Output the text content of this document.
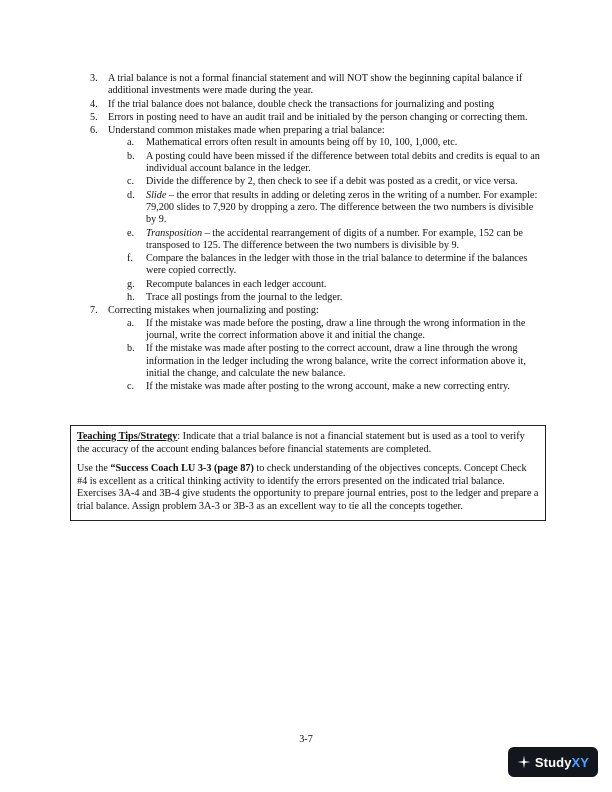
3. A trial balance is not a formal financial statement and will NOT show the beginning capital balance if additional investments were made during the year.
4. If the trial balance does not balance, double check the transactions for journalizing and posting
5. Errors in posting need to have an audit trail and be initialed by the person changing or correcting them.
6. Understand common mistakes made when preparing a trial balance:
a. Mathematical errors often result in amounts being off by 10, 100, 1,000, etc.
b. A posting could have been missed if the difference between total debits and credits is equal to an individual account balance in the ledger.
c. Divide the difference by 2, then check to see if a debit was posted as a credit, or vice versa.
d. Slide – the error that results in adding or deleting zeros in the writing of a number. For example: 79,200 slides to 7,920 by dropping a zero. The difference between the two numbers is divisible by 9.
e. Transposition – the accidental rearrangement of digits of a number. For example, 152 can be transposed to 125. The difference between the two numbers is divisible by 9.
f. Compare the balances in the ledger with those in the trial balance to determine if the balances were copied correctly.
g. Recompute balances in each ledger account.
h. Trace all postings from the journal to the ledger.
7. Correcting mistakes when journalizing and posting:
a. If the mistake was made before the posting, draw a line through the wrong information in the journal, write the correct information above it and initial the change.
b. If the mistake was made after posting to the correct account, draw a line through the wrong information in the ledger including the wrong balance, write the correct information above it, initial the change, and calculate the new balance.
c. If the mistake was made after posting to the wrong account, make a new correcting entry.

Teaching Tips/Strategy: Indicate that a trial balance is not a financial statement but is used as a tool to verify the accuracy of the account ending balances before financial statements are completed.

Use the “Success Coach LU 3-3 (page 87) to check understanding of the objectives concepts. Concept Check #4 is excellent as a critical thinking activity to identify the errors presented on the indicated trial balance. Exercises 3A-4 and 3B-4 give students the opportunity to prepare journal entries, post to the ledger and prepare a trial balance. Assign problem 3A-3 or 3B-3 as an excellent way to tie all the concepts together.

3-7
StudyXY
